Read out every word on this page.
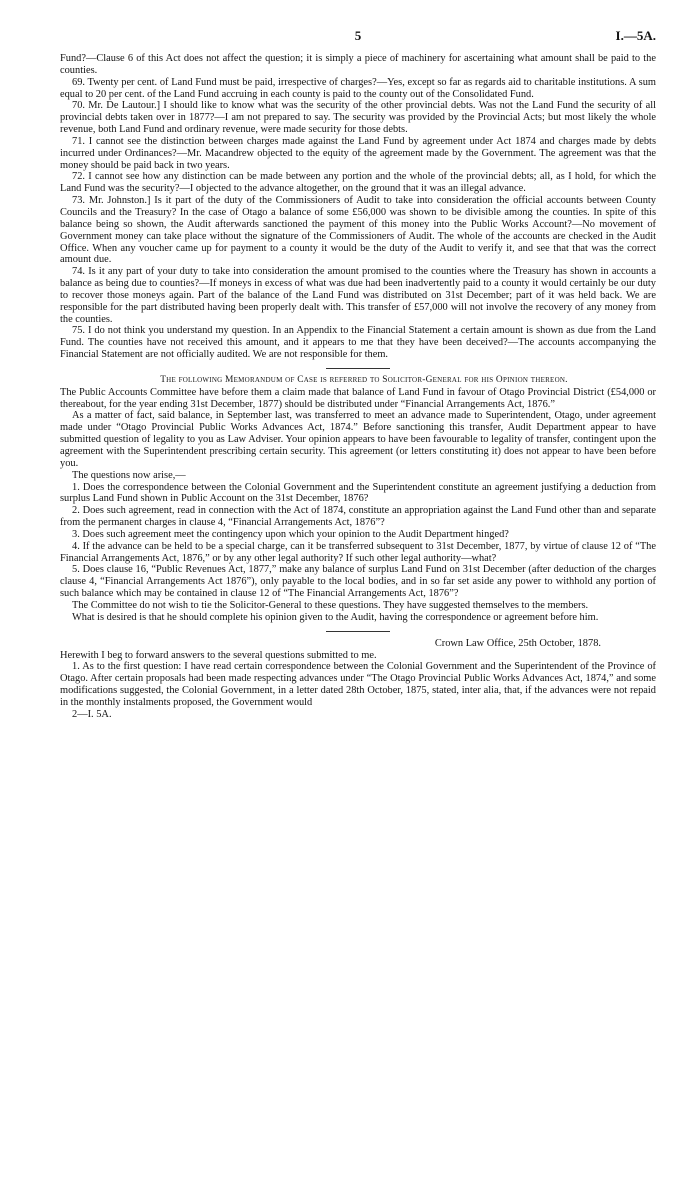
5	I.—5A.

Fund?—Clause 6 of this Act does not affect the question; it is simply a piece of machinery for ascertaining what amount shall be paid to the counties.

69. Twenty per cent. of Land Fund must be paid, irrespective of charges?—Yes, except so far as regards aid to charitable institutions. A sum equal to 20 per cent. of the Land Fund accruing in each county is paid to the county out of the Consolidated Fund.

70. Mr. De Lautour.] I should like to know what was the security of the other provincial debts. Was not the Land Fund the security of all provincial debts taken over in 1877?—I am not prepared to say. The security was provided by the Provincial Acts; but most likely the whole revenue, both Land Fund and ordinary revenue, were made security for those debts.

71. I cannot see the distinction between charges made against the Land Fund by agreement under Act 1874 and charges made by debts incurred under Ordinances?—Mr. Macandrew objected to the equity of the agreement made by the Government. The agreement was that the money should be paid back in two years.

72. I cannot see how any distinction can be made between any portion and the whole of the provincial debts; all, as I hold, for which the Land Fund was the security?—I objected to the advance altogether, on the ground that it was an illegal advance.

73. Mr. Johnston.] Is it part of the duty of the Commissioners of Audit to take into consideration the official accounts between County Councils and the Treasury? In the case of Otago a balance of some £56,000 was shown to be divisible among the counties. In spite of this balance being so shown, the Audit afterwards sanctioned the payment of this money into the Public Works Account?—No movement of Government money can take place without the signature of the Commissioners of Audit. The whole of the accounts are checked in the Audit Office. When any voucher came up for payment to a county it would be the duty of the Audit to verify it, and see that that was the correct amount due.

74. Is it any part of your duty to take into consideration the amount promised to the counties where the Treasury has shown in accounts a balance as being due to counties?—If moneys in excess of what was due had been inadvertently paid to a county it would certainly be our duty to recover those moneys again. Part of the balance of the Land Fund was distributed on 31st December; part of it was held back. We are responsible for the part distributed having been properly dealt with. This transfer of £57,000 will not involve the recovery of any money from the counties.

75. I do not think you understand my question. In an Appendix to the Financial Statement a certain amount is shown as due from the Land Fund. The counties have not received this amount, and it appears to me that they have been deceived?—The accounts accompanying the Financial Statement are not officially audited. We are not responsible for them.

The following Memorandum of Case is referred to Solicitor-General for his Opinion thereon.

The Public Accounts Committee have before them a claim made that balance of Land Fund in favour of Otago Provincial District (£54,000 or thereabout, for the year ending 31st December, 1877) should be distributed under “Financial Arrangements Act, 1876.”

As a matter of fact, said balance, in September last, was transferred to meet an advance made to Superintendent, Otago, under agreement made under “Otago Provincial Public Works Advances Act, 1874.” Before sanctioning this transfer, Audit Department appear to have submitted question of legality to you as Law Adviser. Your opinion appears to have been favourable to legality of transfer, contingent upon the agreement with the Superintendent prescribing certain security. This agreement (or letters constituting it) does not appear to have been before you.

The questions now arise,—

1. Does the correspondence between the Colonial Government and the Superintendent constitute an agreement justifying a deduction from surplus Land Fund shown in Public Account on the 31st December, 1876?

2. Does such agreement, read in connection with the Act of 1874, constitute an appropriation against the Land Fund other than and separate from the permanent charges in clause 4, “Financial Arrangements Act, 1876”?

3. Does such agreement meet the contingency upon which your opinion to the Audit Department hinged?

4. If the advance can be held to be a special charge, can it be transferred subsequent to 31st December, 1877, by virtue of clause 12 of “The Financial Arrangements Act, 1876,” or by any other legal authority? If such other legal authority—what?

5. Does clause 16, “Public Revenues Act, 1877,” make any balance of surplus Land Fund on 31st December (after deduction of the charges clause 4, “Financial Arrangements Act 1876”), only payable to the local bodies, and in so far set aside any power to withhold any portion of such balance which may be contained in clause 12 of “The Financial Arrangements Act, 1876”?

The Committee do not wish to tie the Solicitor-General to these questions. They have suggested themselves to the members.

What is desired is that he should complete his opinion given to the Audit, having the correspondence or agreement before him.

Crown Law Office, 25th October, 1878.

Herewith I beg to forward answers to the several questions submitted to me.

1. As to the first question: I have read certain correspondence between the Colonial Government and the Superintendent of the Province of Otago. After certain proposals had been made respecting advances under “The Otago Provincial Public Works Advances Act, 1874,” and some modifications suggested, the Colonial Government, in a letter dated 28th October, 1875, stated, inter alia, that, if the advances were not repaid in the monthly instalments proposed, the Government would

2—I. 5A.
